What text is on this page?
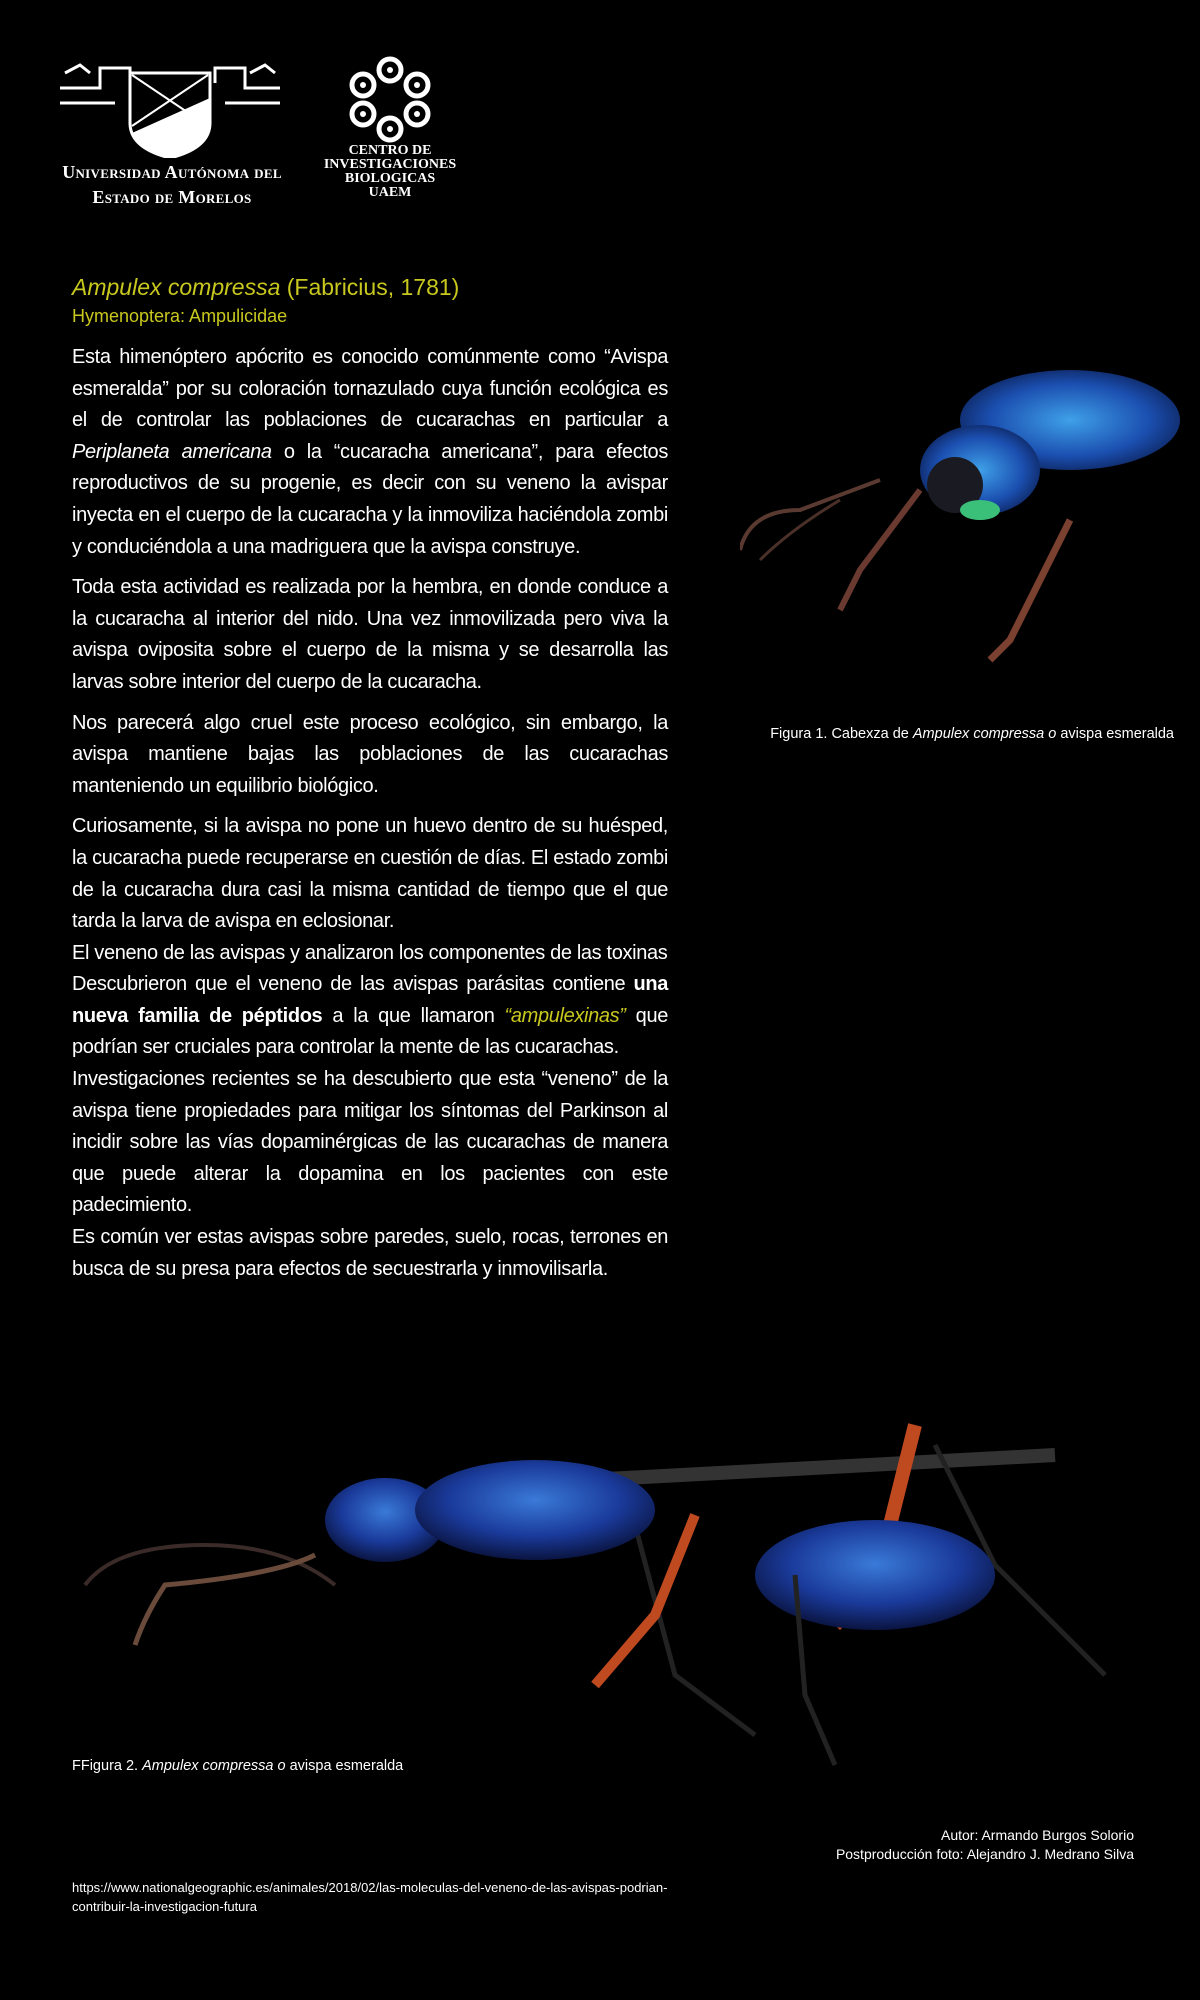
Universidad Autónoma del
Estado de Morelos
CENTRO DE
INVESTIGACIONES
BIOLOGICAS
UAEM
Ampulex compressa (Fabricius, 1781)
Hymenoptera: Ampulicidae

Esta himenóptero apócrito es conocido comúnmente como “Avispa esmeralda” por su coloración tornazulado cuya función ecológica es el de controlar las poblaciones de cucarachas en particular a Periplaneta americana o la “cucaracha americana”, para efectos reproductivos de su progenie, es decir con su veneno la avispar inyecta en el cuerpo de la cucaracha y la inmoviliza haciéndola zombi y conduciéndola a una madriguera que la avispa construye.

Toda esta actividad es realizada por la hembra, en donde conduce a la cucaracha al interior del nido. Una vez inmovilizada pero viva la avispa oviposita sobre el cuerpo de la misma y se desarrolla las larvas sobre interior del cuerpo de la cucaracha.

Nos parecerá algo cruel este proceso ecológico, sin embargo, la avispa mantiene bajas las poblaciones de las cucarachas manteniendo un equilibrio biológico.

Curiosamente, si la avispa no pone un huevo dentro de su huésped, la cucaracha puede recuperarse en cuestión de días. El estado zombi de la cucaracha dura casi la misma cantidad de tiempo que el que tarda la larva de avispa en eclosionar.

El veneno de las avispas y analizaron los componentes de las toxinas

Descubrieron que el veneno de las avispas parásitas contiene una nueva familia de péptidos a la que llamaron “ampulexinas” que podrían ser cruciales para controlar la mente de las cucarachas.

Investigaciones recientes se ha descubierto que esta “veneno” de la avispa tiene propiedades para mitigar los síntomas del Parkinson al incidir sobre las vías dopaminérgicas de las cucarachas de manera que puede alterar la dopamina en los pacientes con este padecimiento.

Es común ver estas avispas sobre paredes, suelo, rocas, terrones en busca de su presa para efectos de secuestrarla y inmovilisarla.

Figura 1. Cabexza de Ampulex compressa o avispa esmeralda
FFigura 2. Ampulex compressa o avispa esmeralda
Autor: Armando Burgos Solorio
Postproducción foto: Alejandro J. Medrano Silva
https://www.nationalgeographic.es/animales/2018/02/las-moleculas-del-veneno-de-las-avispas-podrian-contribuir-la-investigacion-futura
